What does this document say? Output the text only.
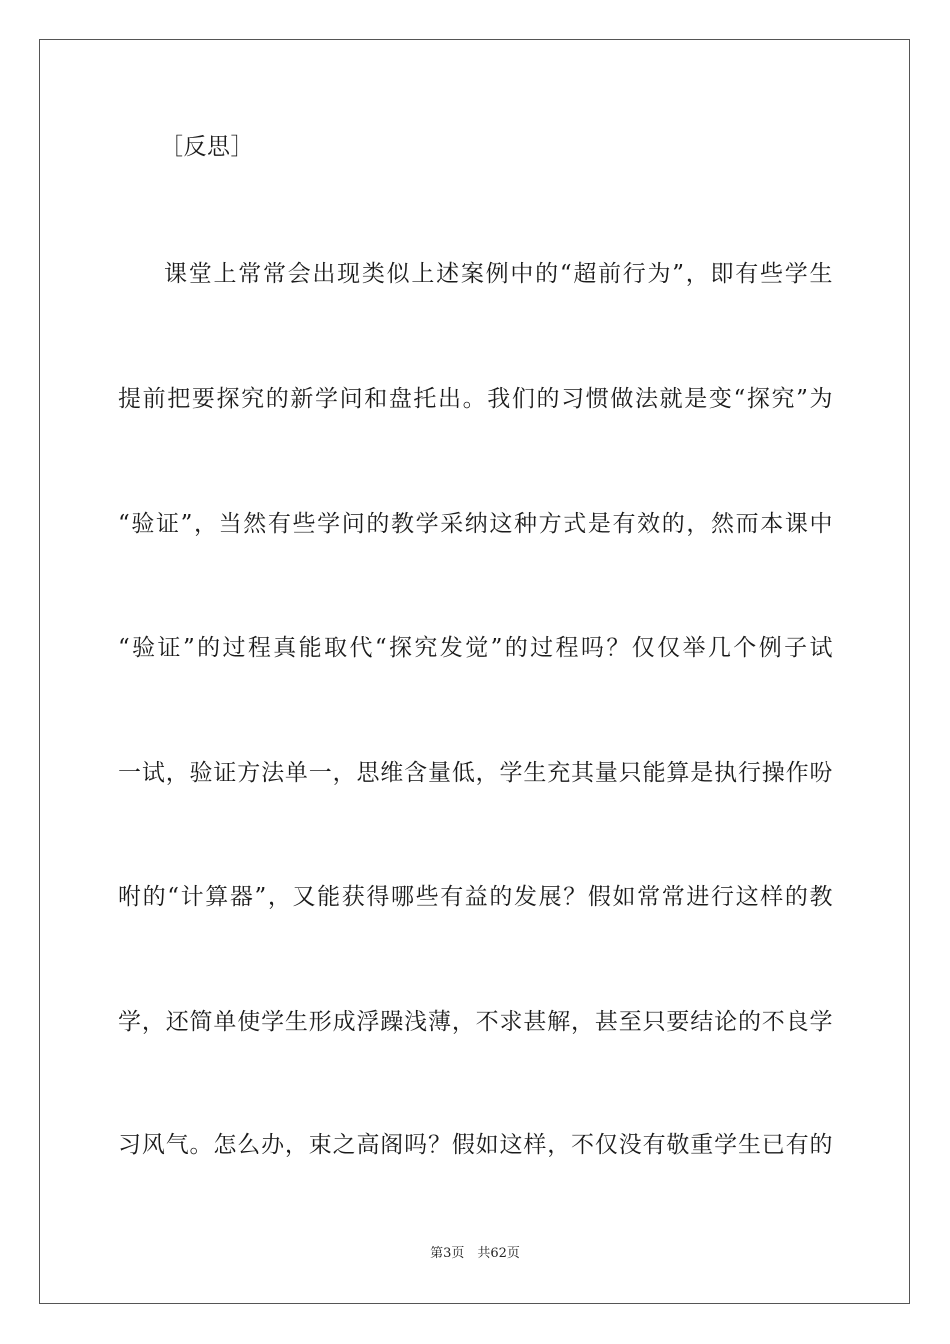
［反思］
课堂上常常会出现类似上述案例中的“超前行为”，即有些学生
提前把要探究的新学问和盘托出。我们的习惯做法就是变“探究”为
“验证”，当然有些学问的教学采纳这种方式是有效的，然而本课中
“验证”的过程真能取代“探究发觉”的过程吗？仅仅举几个例子试
一试，验证方法单一，思维含量低，学生充其量只能算是执行操作吩
咐的“计算器”，又能获得哪些有益的发展？假如常常进行这样的教
学，还简单使学生形成浮躁浅薄，不求甚解，甚至只要结论的不良学
习风气。怎么办，束之高阁吗？假如这样，不仅没有敬重学生已有的
第3页　共62页
